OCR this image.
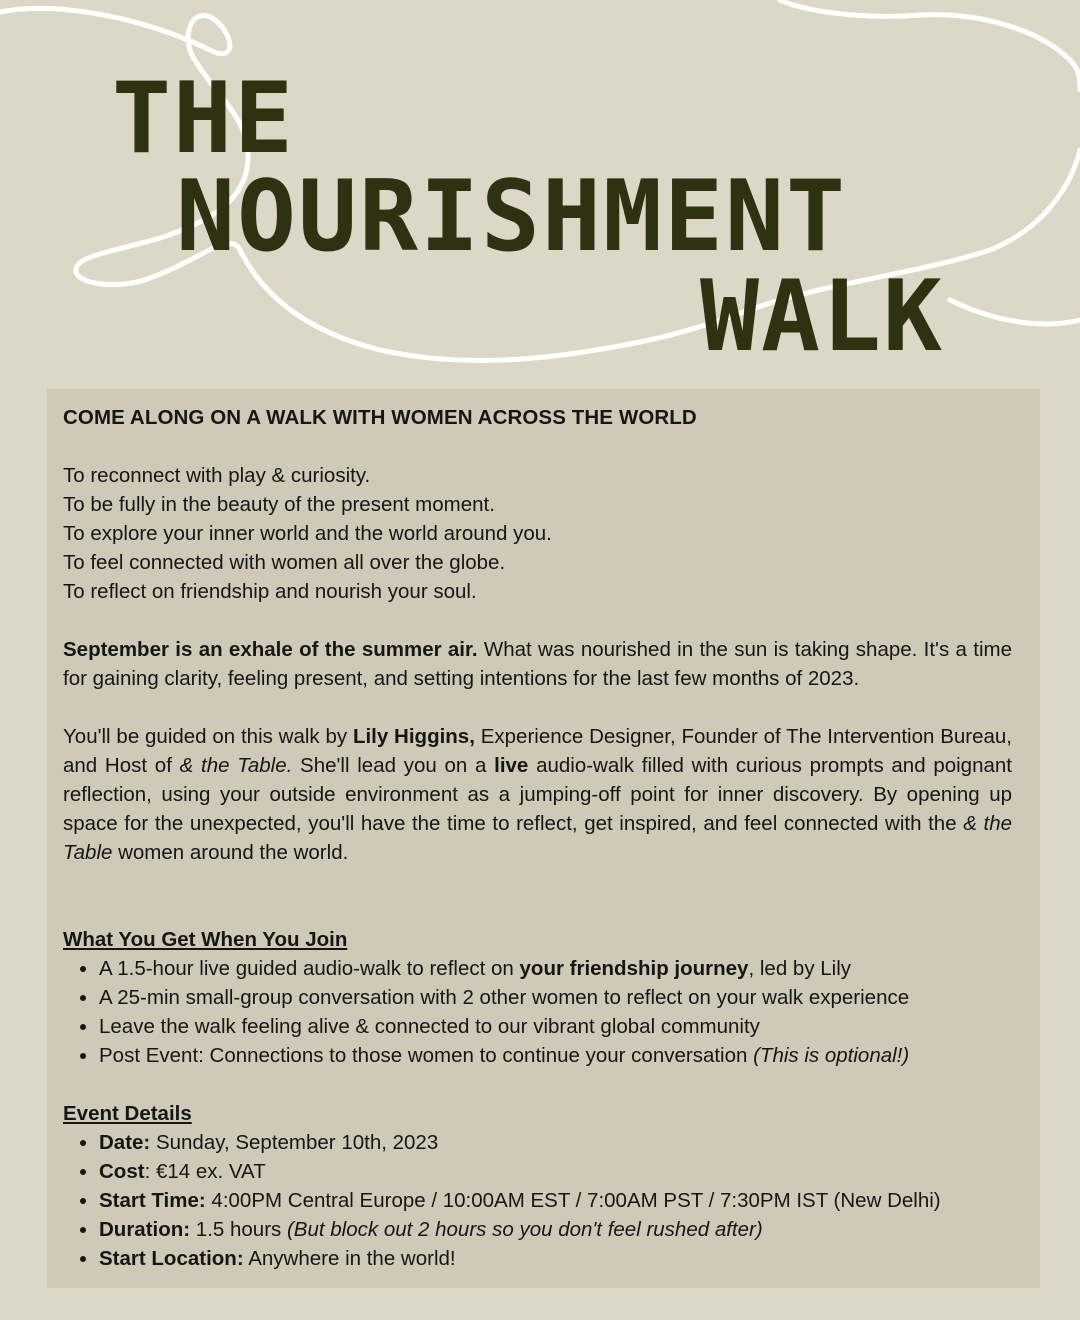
THE
NOURISHMENT
WALK

COME ALONG ON A WALK WITH WOMEN ACROSS THE WORLD

To reconnect with play & curiosity.

To be fully in the beauty of the present moment.

To explore your inner world and the world around you.

To feel connected with women all over the globe.

To reflect on friendship and nourish your soul.

September is an exhale of the summer air. What was nourished in the sun is taking shape. It's a time for gaining clarity, feeling present, and setting intentions for the last few months of 2023.

You'll be guided on this walk by Lily Higgins, Experience Designer, Founder of The Intervention Bureau, and Host of & the Table. She'll lead you on a live audio-walk filled with curious prompts and poignant reflection, using your outside environment as a jumping-off point for inner discovery. By opening up space for the unexpected, you'll have the time to reflect, get inspired, and feel connected with the & the Table women around the world.

What You Get When You Join

• A 1.5-hour live guided audio-walk to reflect on your friendship journey, led by Lily
• A 25-min small-group conversation with 2 other women to reflect on your walk experience
• Leave the walk feeling alive & connected to our vibrant global community
• Post Event: Connections to those women to continue your conversation (This is optional!)

Event Details

• Date: Sunday, September 10th, 2023
• Cost: €14 ex. VAT
• Start Time: 4:00PM Central Europe / 10:00AM EST / 7:00AM PST / 7:30PM IST (New Delhi)
• Duration: 1.5 hours (But block out 2 hours so you don't feel rushed after)
• Start Location: Anywhere in the world!
